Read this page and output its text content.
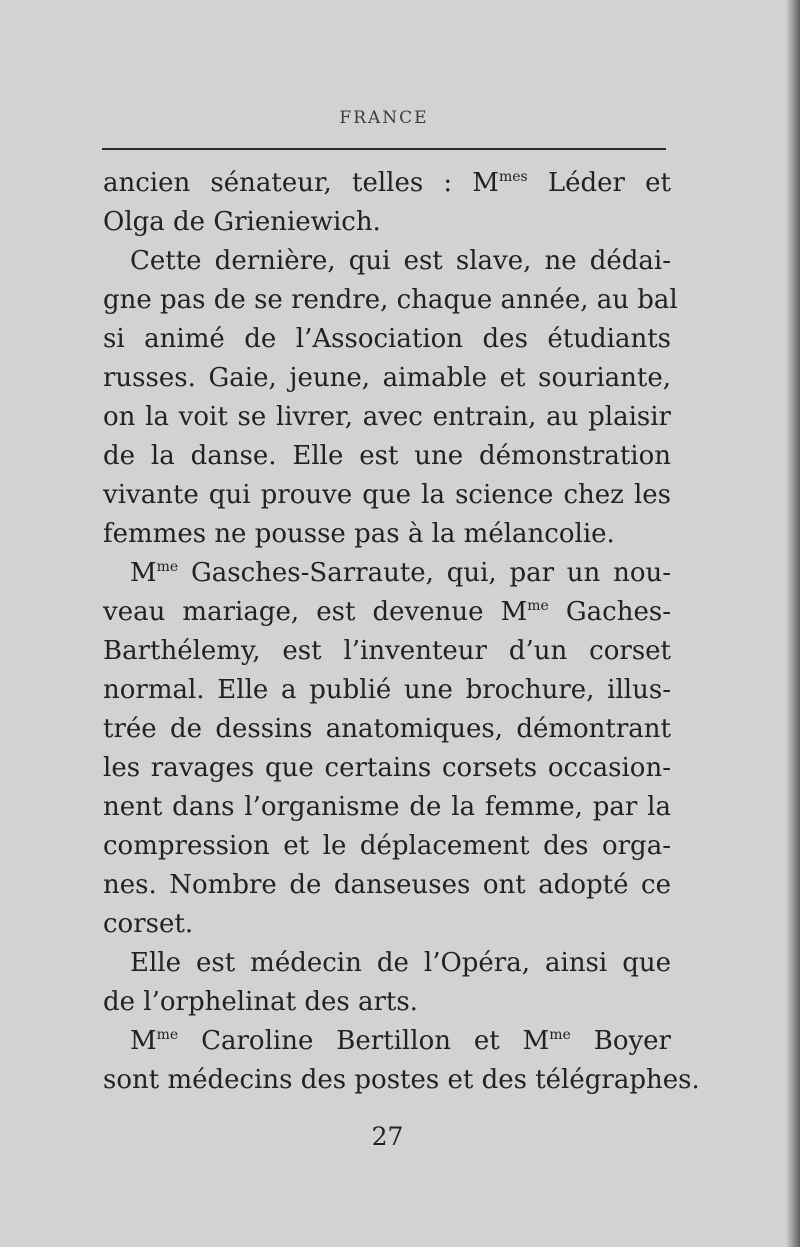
FRANCE
ancien sénateur, telles : $M^{mes}$ Léder et
Olga de Grieniewich.
Cette dernière, qui est slave, ne dédai-
gne pas de se rendre, chaque année, au bal
si animé de l’Association des étudiants
russes. Gaie, jeune, aimable et souriante,
on la voit se livrer, avec entrain, au plaisir
de la danse. Elle est une démonstration
vivante qui prouve que la science chez les
femmes ne pousse pas à la mélancolie.
$M^{me}$ Gasches-Sarraute, qui, par un nou-
veau mariage, est devenue $M^{me}$ Gaches-
Barthélemy, est l’inventeur d’un corset
normal. Elle a publié une brochure, illus-
trée de dessins anatomiques, démontrant
les ravages que certains corsets occasion-
nent dans l’organisme de la femme, par la
compression et le déplacement des orga-
nes. Nombre de danseuses ont adopté ce
corset.
Elle est médecin de l’Opéra, ainsi que
de l’orphelinat des arts.
$M^{me}$ Caroline Bertillon et $M^{me}$ Boyer
sont médecins des postes et des télégraphes.
27
